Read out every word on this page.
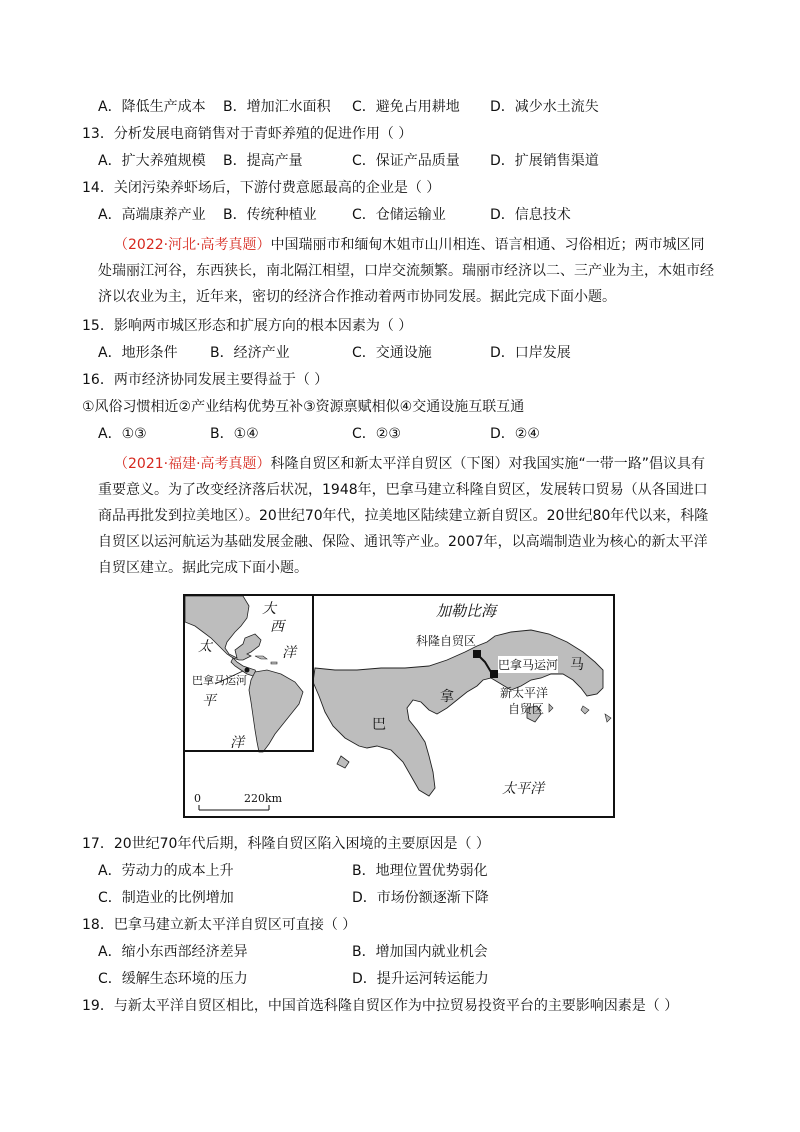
A．降低生产成本 B．增加汇水面积 C．避免占用耕地 D．减少水土流失
13．分析发展电商销售对于青虾养殖的促进作用（ ）
A．扩大养殖规模 B．提高产量	C．保证产品质量 D．扩展销售渠道
14．关闭污染养虾场后，下游付费意愿最高的企业是（ ）
A．高端康养产业 B．传统种植业	C．仓储运输业	D．信息技术

（2022·河北·高考真题）中国瑞丽市和缅甸木姐市山川相连、语言相通、习俗相近；两市城区同处瑞丽江河谷，东西狭长，南北隔江相望，口岸交流频繁。瑞丽市经济以二、三产业为主，木姐市经济以农业为主，近年来，密切的经济合作推动着两市协同发展。据此完成下面小题。

15．影响两市城区形态和扩展方向的根本因素为（ ）
A．地形条件 B．经济产业	C．交通设施	D．口岸发展
16．两市经济协同发展主要得益于（ ）
①风俗习惯相近②产业结构优势互补③资源禀赋相似④交通设施互联互通
A．①③	B．①④	C．②③	D．②④

（2021·福建·高考真题）科隆自贸区和新太平洋自贸区（下图）对我国实施“一带一路”倡议具有重要意义。为了改变经济落后状况，1948年，巴拿马建立科隆自贸区，发展转口贸易（从各国进口商品再批发到拉美地区）。20世纪70年代，拉美地区陆续建立新自贸区。20世纪80年代以来，科隆自贸区以运河航运为基础发展金融、保险、通讯等产业。2007年，以高端制造业为核心的新太平洋自贸区建立。据此完成下面小题。

大
西
洋
太
平
洋
巴拿马运河
加勒比海
科隆自贸区
巴拿马运河
新太平洋
自贸区
巴
拿
马
太平洋
0	220km
17．20世纪70年代后期，科隆自贸区陷入困境的主要原因是（ ）
A．劳动力的成本上升	B．地理位置优势弱化
C．制造业的比例增加	D．市场份额逐渐下降
18．巴拿马建立新太平洋自贸区可直接（ ）
A．缩小东西部经济差异	B．增加国内就业机会
C．缓解生态环境的压力	D．提升运河转运能力
19．与新太平洋自贸区相比，中国首选科隆自贸区作为中拉贸易投资平台的主要影响因素是（ ）
